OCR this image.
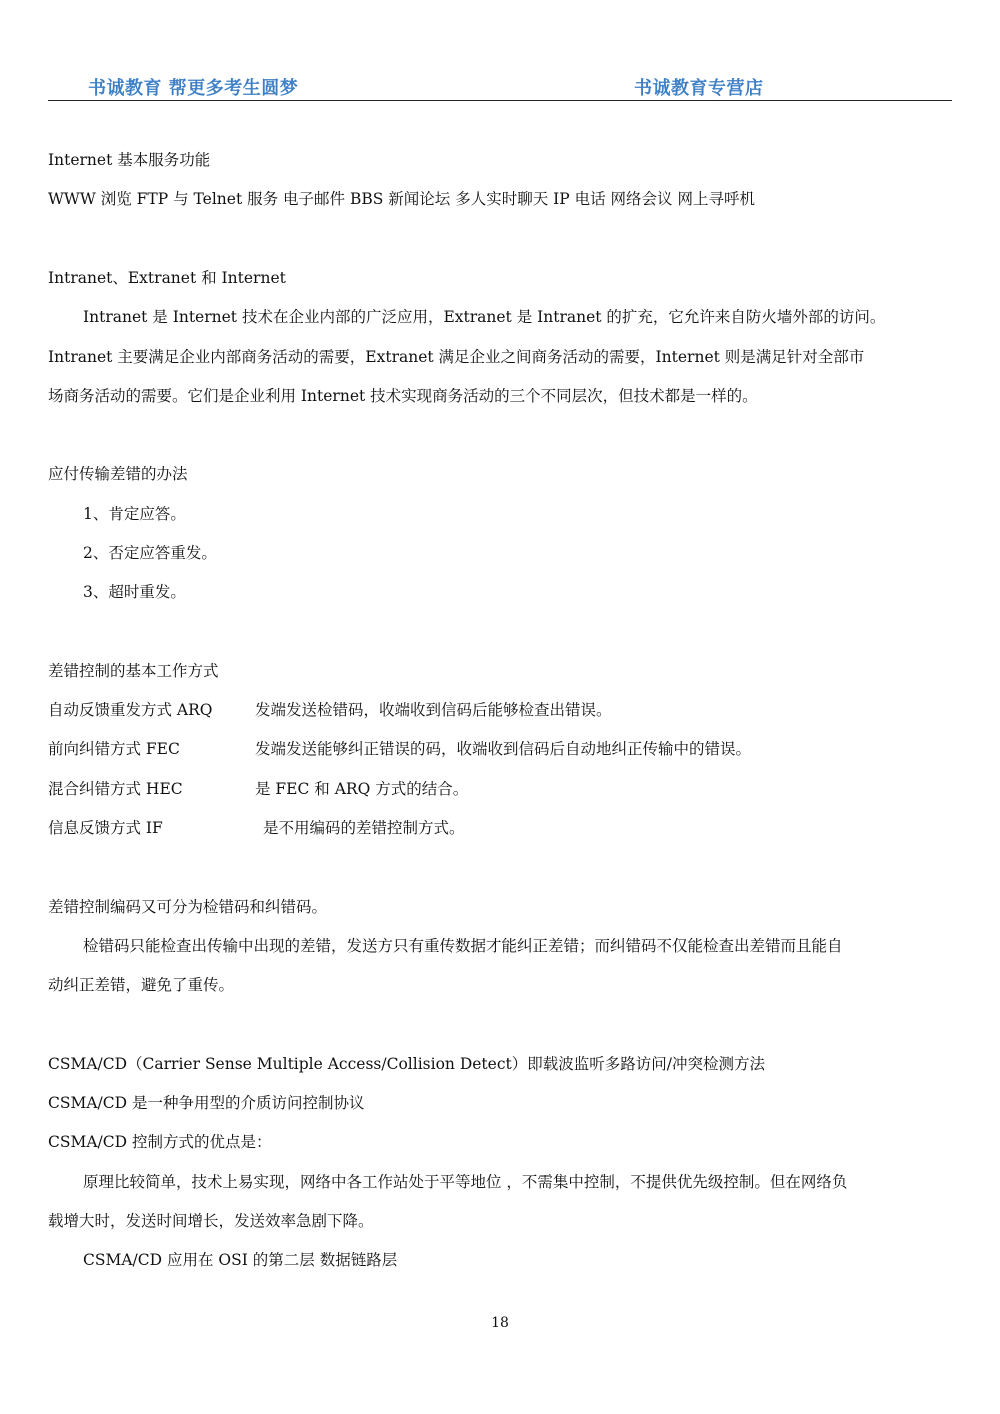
书诚教育 帮更多考生圆梦	书诚教育专营店
Internet 基本服务功能
WWW 浏览 FTP 与 Telnet 服务 电子邮件 BBS 新闻论坛 多人实时聊天 IP 电话 网络会议 网上寻呼机
Intranet、Extranet 和 Internet
Intranet 是 Internet 技术在企业内部的广泛应用，Extranet 是 Intranet 的扩充，它允许来自防火墙外部的访问。
Intranet 主要满足企业内部商务活动的需要，Extranet 满足企业之间商务活动的需要，Internet 则是满足针对全部市
场商务活动的需要。它们是企业利用 Internet 技术实现商务活动的三个不同层次，但技术都是一样的。
应付传输差错的办法
1、肯定应答。
2、否定应答重发。
3、超时重发。
差错控制的基本工作方式
自动反馈重发方式 ARQ	发端发送检错码，收端收到信码后能够检查出错误。
前向纠错方式 FEC	发端发送能够纠正错误的码，收端收到信码后自动地纠正传输中的错误。
混合纠错方式 HEC	是 FEC 和 ARQ 方式的结合。
信息反馈方式 IF	是不用编码的差错控制方式。
差错控制编码又可分为检错码和纠错码。
检错码只能检查出传输中出现的差错，发送方只有重传数据才能纠正差错；而纠错码不仅能检查出差错而且能自
动纠正差错，避免了重传。
CSMA/CD（Carrier Sense Multiple Access/Collision Detect）即载波监听多路访问/冲突检测方法
CSMA/CD 是一种争用型的介质访问控制协议
CSMA/CD 控制方式的优点是：
原理比较简单，技术上易实现，网络中各工作站处于平等地位 ，不需集中控制，不提供优先级控制。但在网络负
载增大时，发送时间增长，发送效率急剧下降。
CSMA/CD 应用在 OSI 的第二层 数据链路层
18
